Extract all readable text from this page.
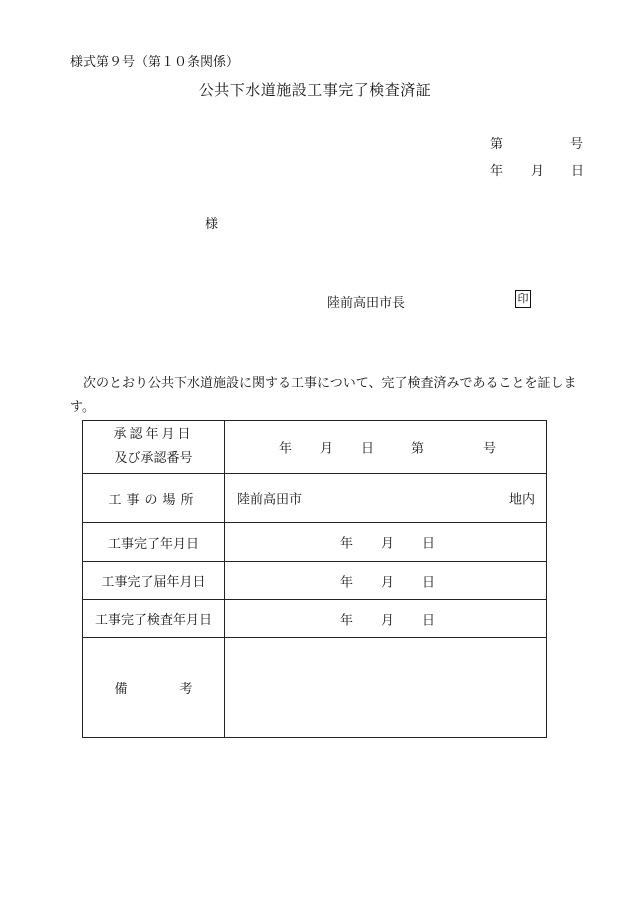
様式第９号（第１０条関係）
公共下水道施設工事完了検査済証
第	号
年 月 日
様
陸前高田市長	印
次のとおり公共下水道施設に関する工事について、完了検査済みであることを証します。
承認年月日
及び承認番号	年 月 日 第 号

工事の場所	陸前高田市 地内

工事完了年月日	年 月 日

工事完了届年月日	年 月 日

工事完了検査年月日	年 月 日

備　　　　考	
